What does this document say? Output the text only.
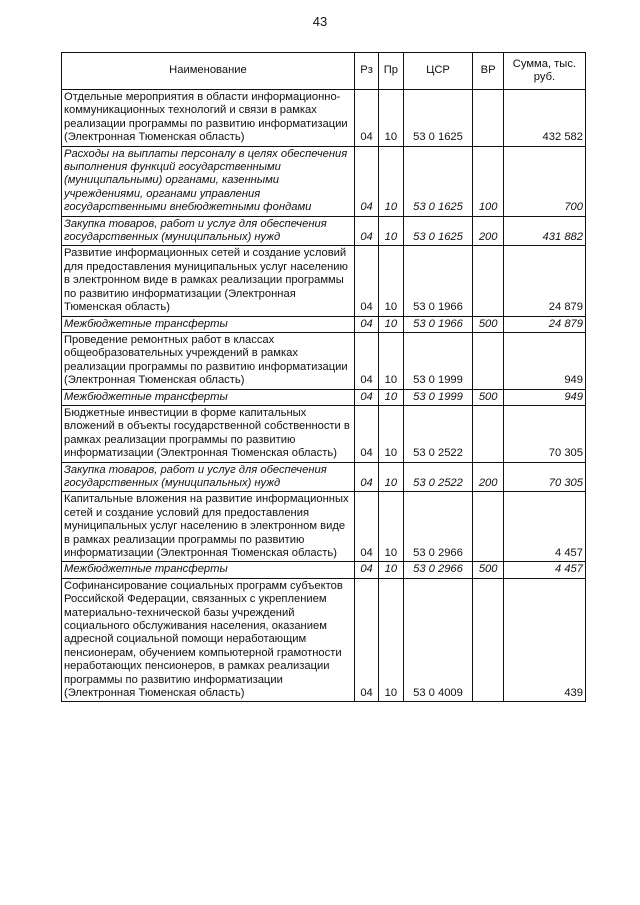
43
Наименование	Рз	Пр	ЦСР	ВР	Сумма, тыс. руб.
Отдельные мероприятия в области информационно-коммуникационных технологий и связи в рамках реализации программы по развитию информатизации (Электронная Тюменская область)	04	10	53 0 1625		432 582
Расходы на выплаты персоналу в целях обеспечения выполнения функций государственными (муниципальными) органами, казенными учреждениями, органами управления государственными внебюджетными фондами	04	10	53 0 1625	100	700
Закупка товаров, работ и услуг для обеспечения государственных (муниципальных) нужд	04	10	53 0 1625	200	431 882
Развитие информационных сетей и создание условий для предоставления муниципальных услуг населению в электронном виде в рамках реализации программы по развитию информатизации (Электронная Тюменская область)	04	10	53 0 1966		24 879
Межбюджетные трансферты	04	10	53 0 1966	500	24 879
Проведение ремонтных работ в классах общеобразовательных учреждений в рамках реализации программы по развитию информатизации (Электронная Тюменская область)	04	10	53 0 1999		949
Межбюджетные трансферты	04	10	53 0 1999	500	949
Бюджетные инвестиции в форме капитальных вложений в объекты государственной собственности в рамках реализации программы по развитию информатизации (Электронная Тюменская область)	04	10	53 0 2522		70 305
Закупка товаров, работ и услуг для обеспечения государственных (муниципальных) нужд	04	10	53 0 2522	200	70 305
Капитальные вложения на развитие информационных сетей и создание условий для предоставления муниципальных услуг населению в электронном виде в рамках реализации программы по развитию информатизации (Электронная Тюменская область)	04	10	53 0 2966		4 457
Межбюджетные трансферты	04	10	53 0 2966	500	4 457
Софинансирование социальных программ субъектов Российской Федерации, связанных с укреплением материально-технической базы учреждений социального обслуживания населения, оказанием адресной социальной помощи неработающим пенсионерам, обучением компьютерной грамотности неработающих пенсионеров, в рамках реализации программы по развитию информатизации (Электронная Тюменская область)	04	10	53 0 4009		439
